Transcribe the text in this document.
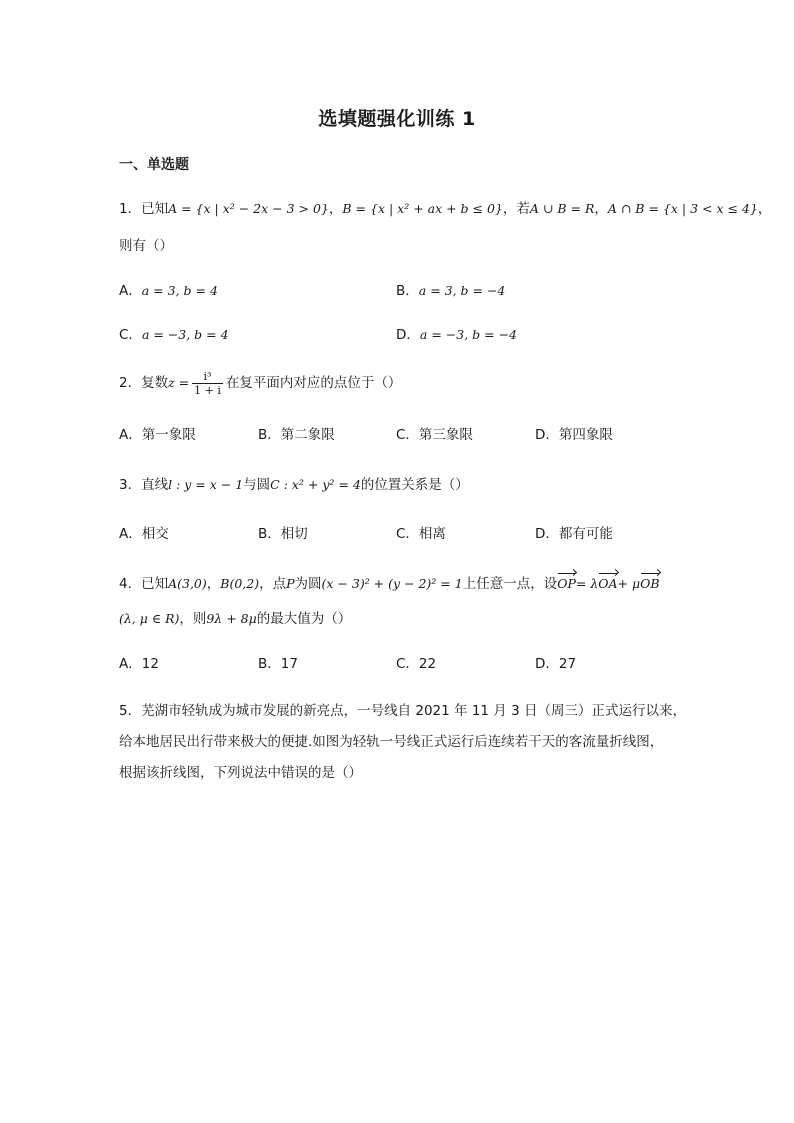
选填题强化训练 1
一、单选题
1．已知A = {x | x² − 2x − 3 > 0}，B = {x | x² + ax + b ≤ 0}，若A ∪ B = R，A ∩ B = {x | 3 < x ≤ 4}，
则有（）
A．a = 3, b = 4	B．a = 3, b = −4
C．a = −3, b = 4	D．a = −3, b = −4
2．复数$z = \frac{\text{i³}}{1 + i}$ 在复平面内对应的点位于（）
A．第一象限	B．第二象限	C．第三象限	D．第四象限
3．直线l : y = x − 1与圆C : x² + y² = 4的位置关系是（）
A．相交	B．相切	C．相离	D．都有可能
4．已知A(3,0)，B(0,2)，点P为圆(x − 3)² + (y − 2)² = 1上任意一点，设OP= λOA+ μOB
(λ, μ ∈ R)，则9λ + 8μ的最大值为（）
A．12	B．17	C．22	D．27
5．芜湖市轻轨成为城市发展的新亮点，一号线自 2021 年 11 月 3 日（周三）正式运行以来，
给本地居民出行带来极大的便捷.如图为轻轨一号线正式运行后连续若干天的客流量折线图，
根据该折线图，下列说法中错误的是（）
